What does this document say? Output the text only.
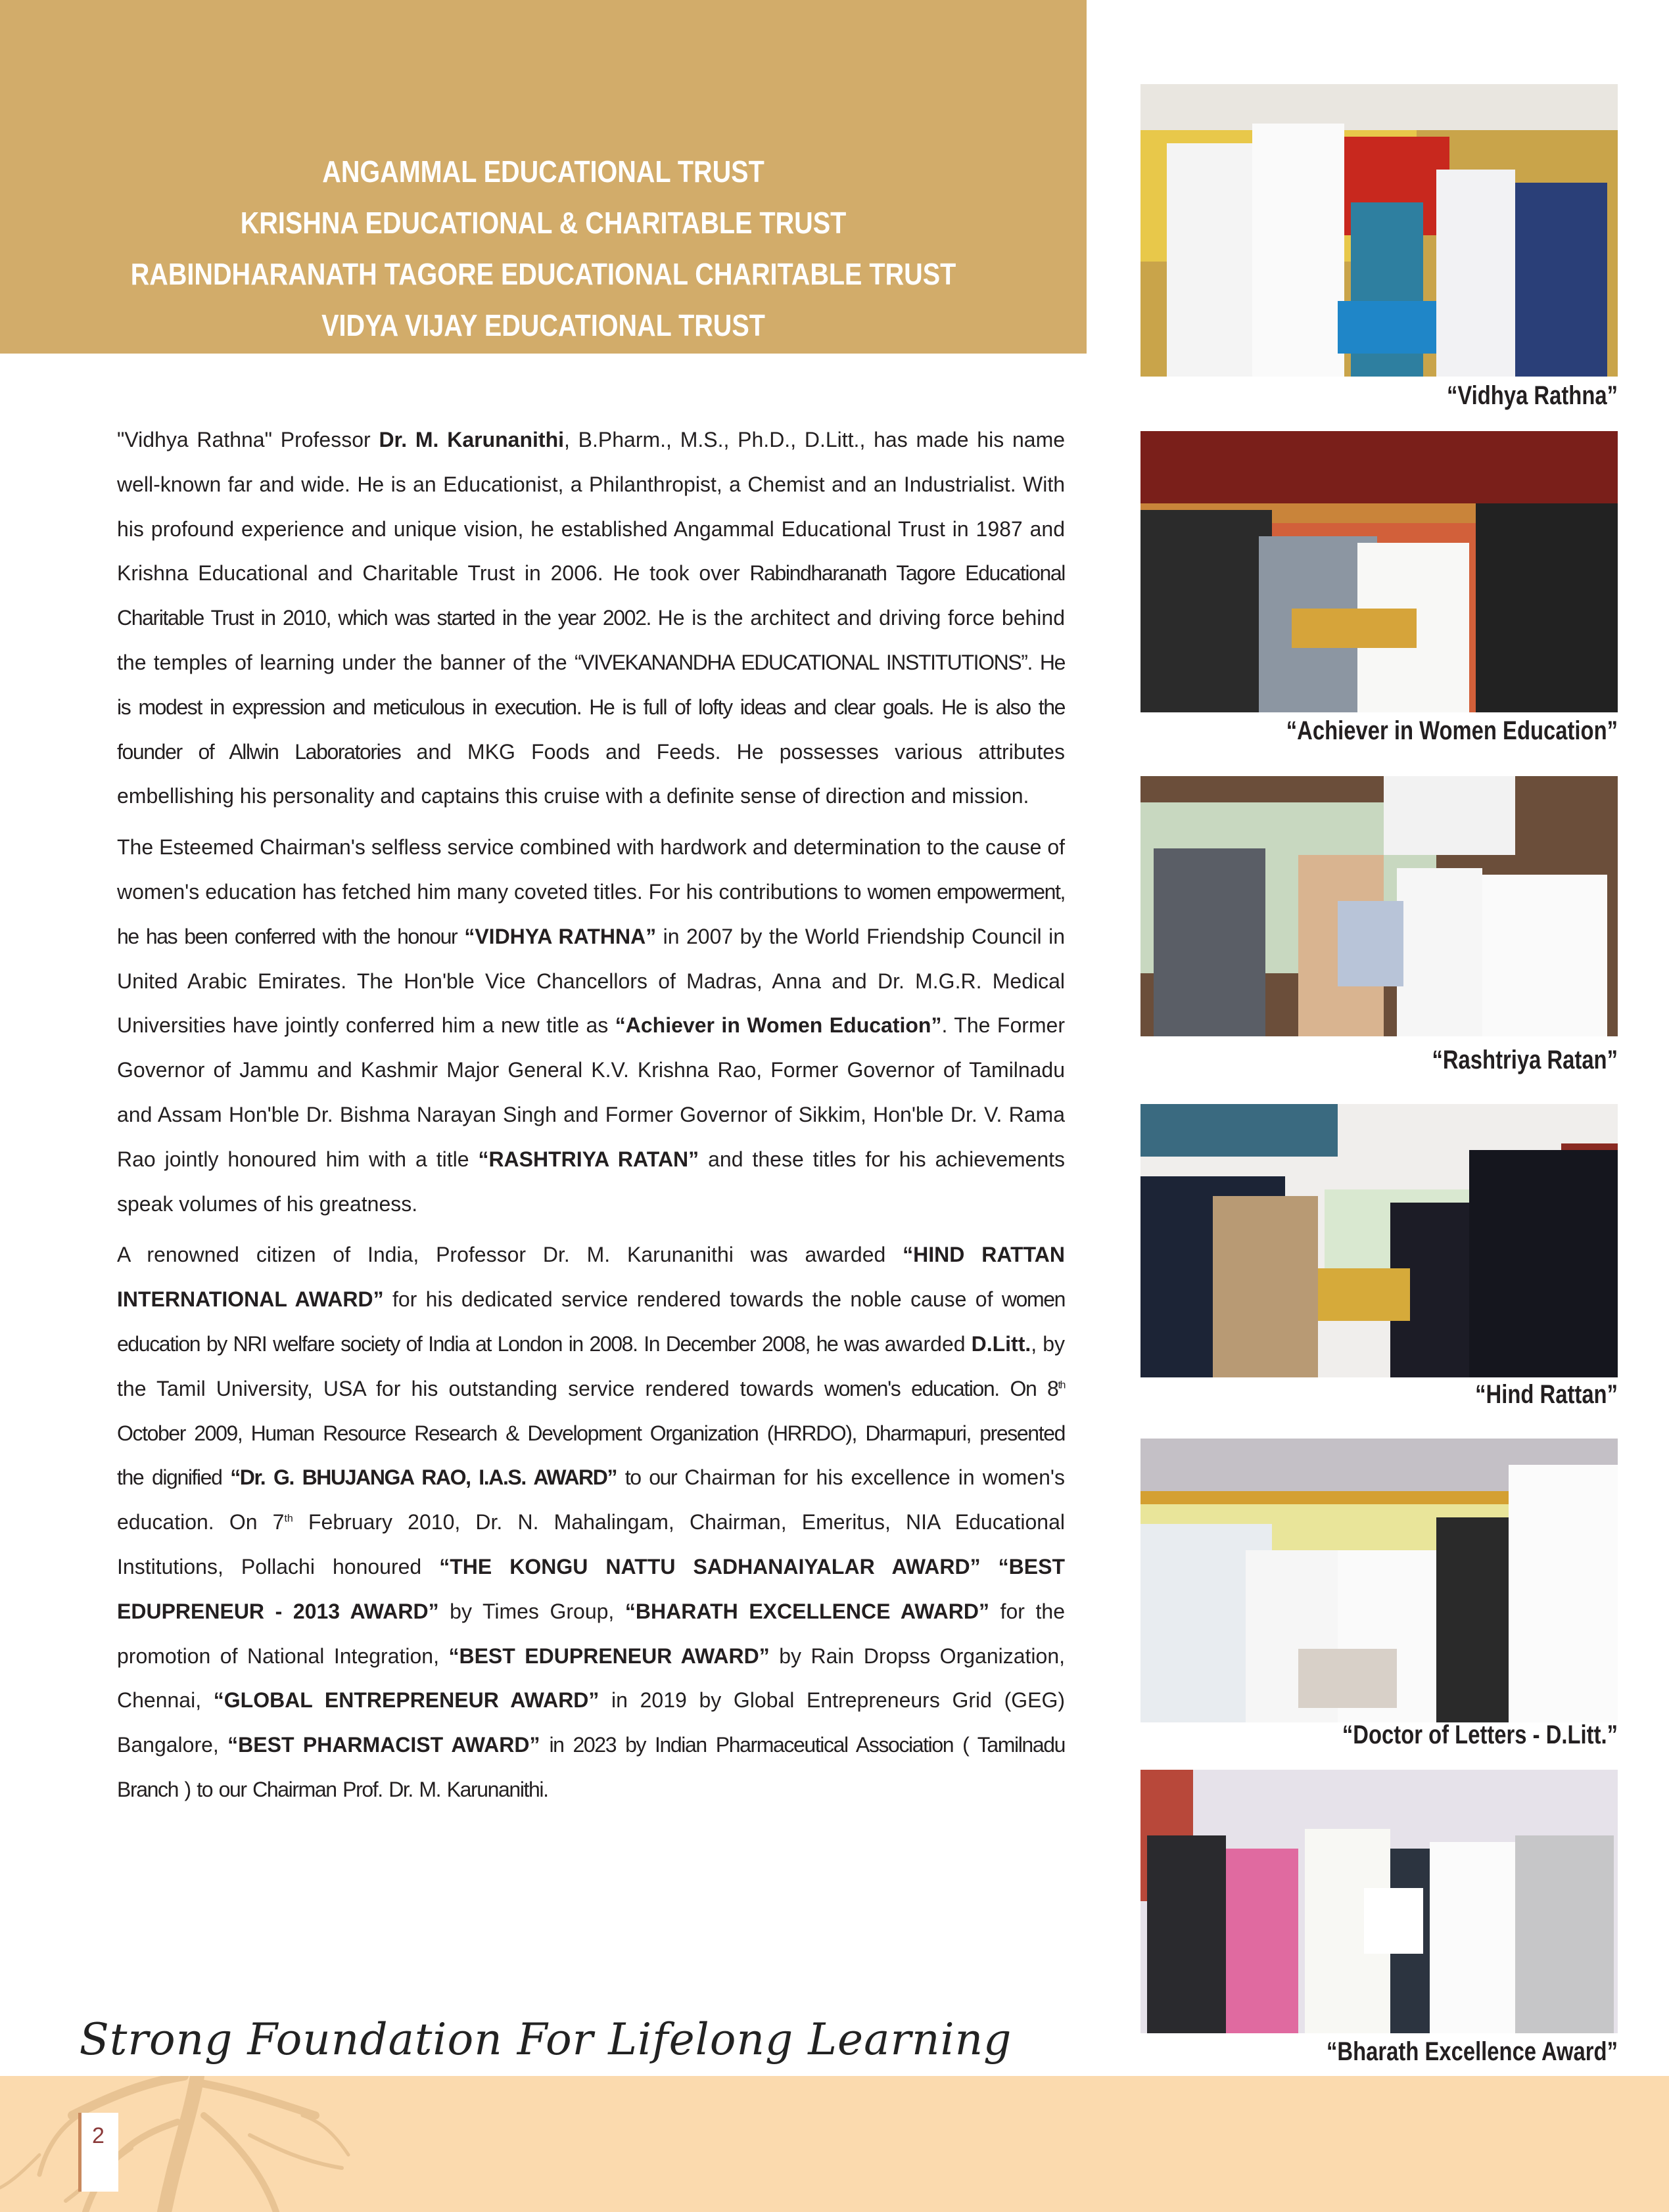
ANGAMMAL EDUCATIONAL TRUST
KRISHNA EDUCATIONAL & CHARITABLE TRUST
RABINDHARANATH TAGORE EDUCATIONAL CHARITABLE TRUST
VIDYA VIJAY EDUCATIONAL TRUST

"Vidhya Rathna" Professor Dr. M. Karunanithi, B.Pharm., M.S., Ph.D., D.Litt., has made his name well-known far and wide. He is an Educationist, a Philanthropist, a Chemist and an Industrialist. With his profound experience and unique vision, he established Angammal Educational Trust in 1987 and Krishna Educational and Charitable Trust in 2006. He took over Rabindharanath Tagore Educational Charitable Trust in 2010, which was started in the year 2002. He is the architect and driving force behind the temples of learning under the banner of the “VIVEKANANDHA EDUCATIONAL INSTITUTIONS”. He is modest in expression and meticulous in execution. He is full of lofty ideas and clear goals. He is also the founder of Allwin Laboratories and MKG Foods and Feeds. He possesses various attributes embellishing his personality and captains this cruise with a definite sense of direction and mission.

The Esteemed Chairman's selfless service combined with hardwork and determination to the cause of women's education has fetched him many coveted titles. For his contributions to women empowerment, he has been conferred with the honour “VIDHYA RATHNA” in 2007 by the World Friendship Council in United Arabic Emirates. The Hon'ble Vice Chancellors of Madras, Anna and Dr. M.G.R. Medical Universities have jointly conferred him a new title as “Achiever in Women Education”. The Former Governor of Jammu and Kashmir Major General K.V. Krishna Rao, Former Governor of Tamilnadu and Assam Hon'ble Dr. Bishma Narayan Singh and Former Governor of Sikkim, Hon'ble Dr. V. Rama Rao jointly honoured him with a title “RASHTRIYA RATAN” and these titles for his achievements speak volumes of his greatness.

A renowned citizen of India, Professor Dr. M. Karunanithi was awarded “HIND RATTAN INTERNATIONAL AWARD” for his dedicated service rendered towards the noble cause of women education by NRI welfare society of India at London in 2008. In December 2008, he was awarded D.Litt., by the Tamil University, USA for his outstanding service rendered towards women's education. On 8th October 2009, Human Resource Research & Development Organization (HRRDO), Dharmapuri, presented the dignified “Dr. G. BHUJANGA RAO, I.A.S. AWARD” to our Chairman for his excellence in women's education. On 7th February 2010, Dr. N. Mahalingam, Chairman, Emeritus, NIA Educational Institutions, Pollachi honoured “THE KONGU NATTU SADHANAIYALAR AWARD” “BEST EDUPRENEUR - 2013 AWARD” by Times Group, “BHARATH EXCELLENCE AWARD” for the promotion of National Integration, “BEST EDUPRENEUR AWARD” by Rain Dropss Organization, Chennai, “GLOBAL ENTREPRENEUR AWARD” in 2019 by Global Entrepreneurs Grid (GEG) Bangalore, “BEST PHARMACIST AWARD” in 2023 by Indian Pharmaceutical Association ( Tamilnadu Branch ) to our Chairman Prof. Dr. M. Karunanithi.

Strong Foundation For Lifelong Learning
2
“Vidhya Rathna”
“Achiever in Women Education”
“Rashtriya Ratan”
“Hind Rattan”
“Doctor of Letters - D.Litt.”
“Bharath Excellence Award”
